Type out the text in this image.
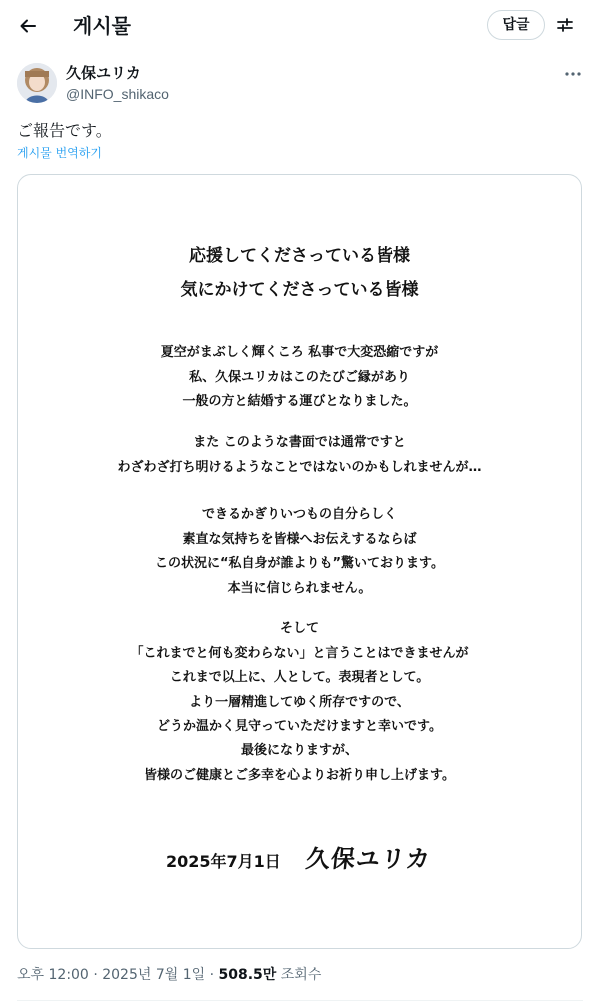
게시물	답글
久保ユリカ
@INFO_shikaco
ご報告です。
게시물 번역하기
応援してくださっている皆様
気にかけてくださっている皆様
夏空がまぶしく輝くころ 私事で大変恐縮ですが
私、久保ユリカはこのたびご縁があり
一般の方と結婚する運びとなりました。
また このような書面では通常ですと
わざわざ打ち明けるようなことではないのかもしれませんが…
できるかぎりいつもの自分らしく
素直な気持ちを皆様へお伝えするならば
この状況に“私自身が誰よりも”驚いております。
本当に信じられません。
そして
「これまでと何も変わらない」と言うことはできませんが
これまで以上に、人として。表現者として。
より一層精進してゆく所存ですので、
どうか温かく見守っていただけますと幸いです。
最後になりますが、
皆様のご健康とご多幸を心よりお祈り申し上げます。
2025年7月1日 久保ユリカ
오후 12:00 · 2025년 7월 1일 · 508.5만 조회수
